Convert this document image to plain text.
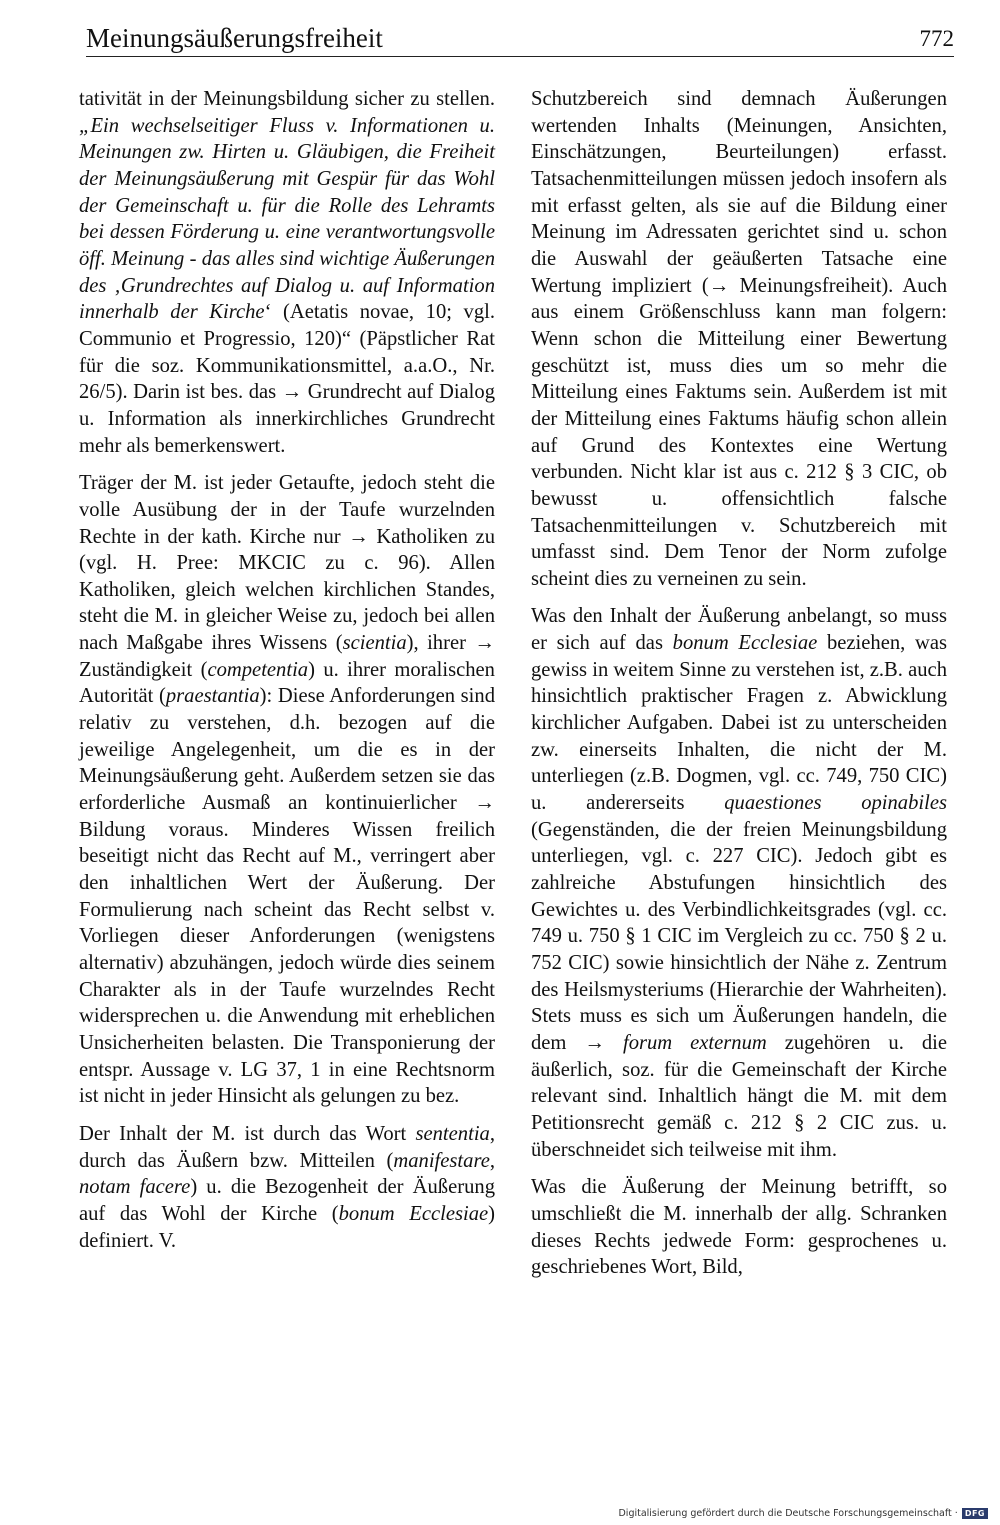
Meinungsäußerungsfreiheit	772

tativität in der Meinungsbildung sicher zu stellen. „Ein wechselseitiger Fluss v. Informationen u. Meinungen zw. Hirten u. Gläubigen, die Freiheit der Meinungsäußerung mit Gespür für das Wohl der Gemeinschaft u. für die Rolle des Lehramts bei dessen Förderung u. eine verantwortungsvolle öff. Meinung - das alles sind wichtige Äußerungen des ‚Grundrechtes auf Dialog u. auf Information innerhalb der Kirche‘ (Aetatis novae, 10; vgl. Communio et Progressio, 120)“ (Päpstlicher Rat für die soz. Kommunikationsmittel, a.a.O., Nr. 26/5). Darin ist bes. das → Grundrecht auf Dialog u. Information als innerkirchliches Grundrecht mehr als bemerkenswert.

Träger der M. ist jeder Getaufte, jedoch steht die volle Ausübung der in der Taufe wurzelnden Rechte in der kath. Kirche nur → Katholiken zu (vgl. H. Pree: MKCIC zu c. 96). Allen Katholiken, gleich welchen kirchlichen Standes, steht die M. in gleicher Weise zu, jedoch bei allen nach Maßgabe ihres Wissens (scientia), ihrer → Zuständigkeit (competentia) u. ihrer moralischen Autorität (praestantia): Diese Anforderungen sind relativ zu verstehen, d.h. bezogen auf die jeweilige Angelegenheit, um die es in der Meinungsäußerung geht. Außerdem setzen sie das erforderliche Ausmaß an kontinuierlicher → Bildung voraus. Minderes Wissen freilich beseitigt nicht das Recht auf M., verringert aber den inhaltlichen Wert der Äußerung. Der Formulierung nach scheint das Recht selbst v. Vorliegen dieser Anforderungen (wenigstens alternativ) abzuhängen, jedoch würde dies seinem Charakter als in der Taufe wurzelndes Recht widersprechen u. die Anwendung mit erheblichen Unsicherheiten belasten. Die Transponierung der entspr. Aussage v. LG 37, 1 in eine Rechtsnorm ist nicht in jeder Hinsicht als gelungen zu bez.

Der Inhalt der M. ist durch das Wort sententia, durch das Äußern bzw. Mitteilen (manifestare, notam facere) u. die Bezogenheit der Äußerung auf das Wohl der Kirche (bonum Ecclesiae) definiert. V.

Schutzbereich sind demnach Äußerungen wertenden Inhalts (Meinungen, Ansichten, Einschätzungen, Beurteilungen) erfasst. Tatsachenmitteilungen müssen jedoch insofern als mit erfasst gelten, als sie auf die Bildung einer Meinung im Adressaten gerichtet sind u. schon die Auswahl der geäußerten Tatsache eine Wertung impliziert (→ Meinungsfreiheit). Auch aus einem Größenschluss kann man folgern: Wenn schon die Mitteilung einer Bewertung geschützt ist, muss dies um so mehr die Mitteilung eines Faktums sein. Außerdem ist mit der Mitteilung eines Faktums häufig schon allein auf Grund des Kontextes eine Wertung verbunden. Nicht klar ist aus c. 212 § 3 CIC, ob bewusst u. offensichtlich falsche Tatsachenmitteilungen v. Schutzbereich mit umfasst sind. Dem Tenor der Norm zufolge scheint dies zu verneinen zu sein.

Was den Inhalt der Äußerung anbelangt, so muss er sich auf das bonum Ecclesiae beziehen, was gewiss in weitem Sinne zu verstehen ist, z.B. auch hinsichtlich praktischer Fragen z. Abwicklung kirchlicher Aufgaben. Dabei ist zu unterscheiden zw. einerseits Inhalten, die nicht der M. unterliegen (z.B. Dogmen, vgl. cc. 749, 750 CIC) u. andererseits quaestiones opinabiles (Gegenständen, die der freien Meinungsbildung unterliegen, vgl. c. 227 CIC). Jedoch gibt es zahlreiche Abstufungen hinsichtlich des Gewichtes u. des Verbindlichkeitsgrades (vgl. cc. 749 u. 750 § 1 CIC im Vergleich zu cc. 750 § 2 u. 752 CIC) sowie hinsichtlich der Nähe z. Zentrum des Heilsmysteriums (Hierarchie der Wahrheiten). Stets muss es sich um Äußerungen handeln, die dem → forum externum zugehören u. die äußerlich, soz. für die Gemeinschaft der Kirche relevant sind. Inhaltlich hängt die M. mit dem Petitionsrecht gemäß c. 212 § 2 CIC zus. u. überschneidet sich teilweise mit ihm.

Was die Äußerung der Meinung betrifft, so umschließt die M. innerhalb der allg. Schranken dieses Rechts jedwede Form: gesprochenes u. geschriebenes Wort, Bild,

Digitalisierung gefördert durch die Deutsche Forschungsgemeinschaft · DFG
